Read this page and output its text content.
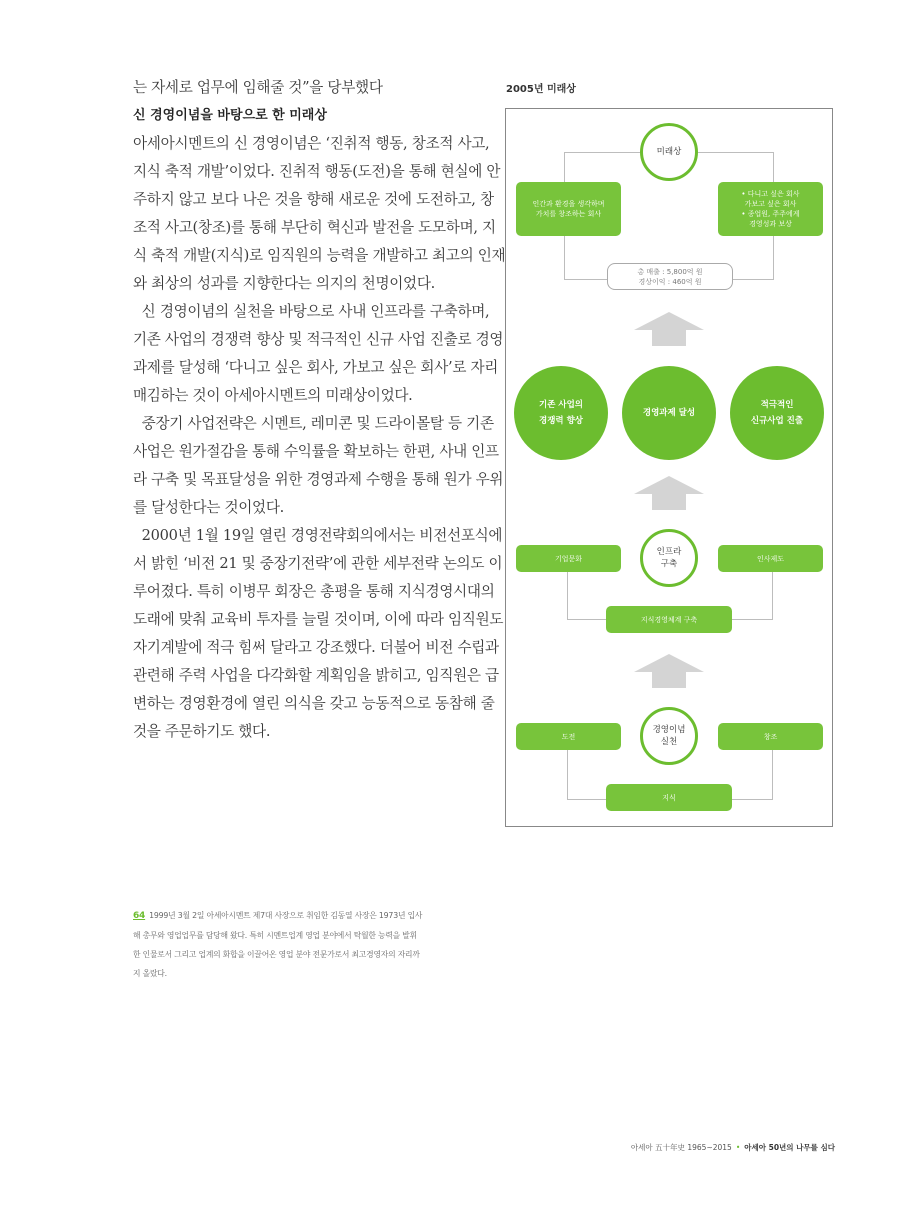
는 자세로 업무에 임해줄 것”을 당부했다
신 경영이념을 바탕으로 한 미래상
아세아시멘트의 신 경영이념은 ‘진취적 행동, 창조적 사고,
지식 축적 개발’이었다. 진취적 행동(도전)을 통해 현실에 안
주하지 않고 보다 나은 것을 향해 새로운 것에 도전하고, 창
조적 사고(창조)를 통해 부단히 혁신과 발전을 도모하며, 지
식 축적 개발(지식)로 임직원의 능력을 개발하고 최고의 인재
와 최상의 성과를 지향한다는 의지의 천명이었다.
신 경영이념의 실천을 바탕으로 사내 인프라를 구축하며,
기존 사업의 경쟁력 향상 및 적극적인 신규 사업 진출로 경영
과제를 달성해 ‘다니고 싶은 회사, 가보고 싶은 회사’로 자리
매김하는 것이 아세아시멘트의 미래상이었다.
중장기 사업전략은 시멘트, 레미콘 및 드라이몰탈 등 기존
사업은 원가절감을 통해 수익률을 확보하는 한편, 사내 인프
라 구축 및 목표달성을 위한 경영과제 수행을 통해 원가 우위
를 달성한다는 것이었다.
2000년 1월 19일 열린 경영전략회의에서는 비전선포식에
서 밝힌 ‘비전 21 및 중장기전략’에 관한 세부전략 논의도 이
루어졌다. 특히 이병무 회장은 총평을 통해 지식경영시대의
도래에 맞춰 교육비 투자를 늘릴 것이며, 이에 따라 임직원도
자기계발에 적극 힘써 달라고 강조했다. 더불어 비전 수립과
관련해 주력 사업을 다각화할 계획임을 밝히고, 임직원은 급
변하는 경영환경에 열린 의식을 갖고 능동적으로 동참해 줄
것을 주문하기도 했다.
64 1999년 3월 2일 아세아시멘트 제7대 사장으로 취임한 김동열 사장은 1973년 입사
해 총무와 영업업무를 담당해 왔다. 특히 시멘트업계 영업 분야에서 탁월한 능력을 발휘
한 인물로서 그리고 업계의 화합을 이끌어온 영업 분야 전문가로서 최고경영자의 자리까
지 올랐다.
2005년 미래상
미래상
인간과 환경을 생각하며
가치를 창조하는 회사
• 다니고 싶은 회사
가보고 싶은 회사
• 종업원, 주주에게
경영성과 보상
총 매출 : 5,800억 원
경상이익 : 460억 원
기존 사업의
경쟁력 향상
경영과제 달성
적극적인
신규사업 진출
기업문화	인사제도
인프라
구축
지식경영체계 구축
도전	창조
경영이념
실천
지식
아세아 五十年史 1965~2015 • 아세아 50년의 나무를 심다
